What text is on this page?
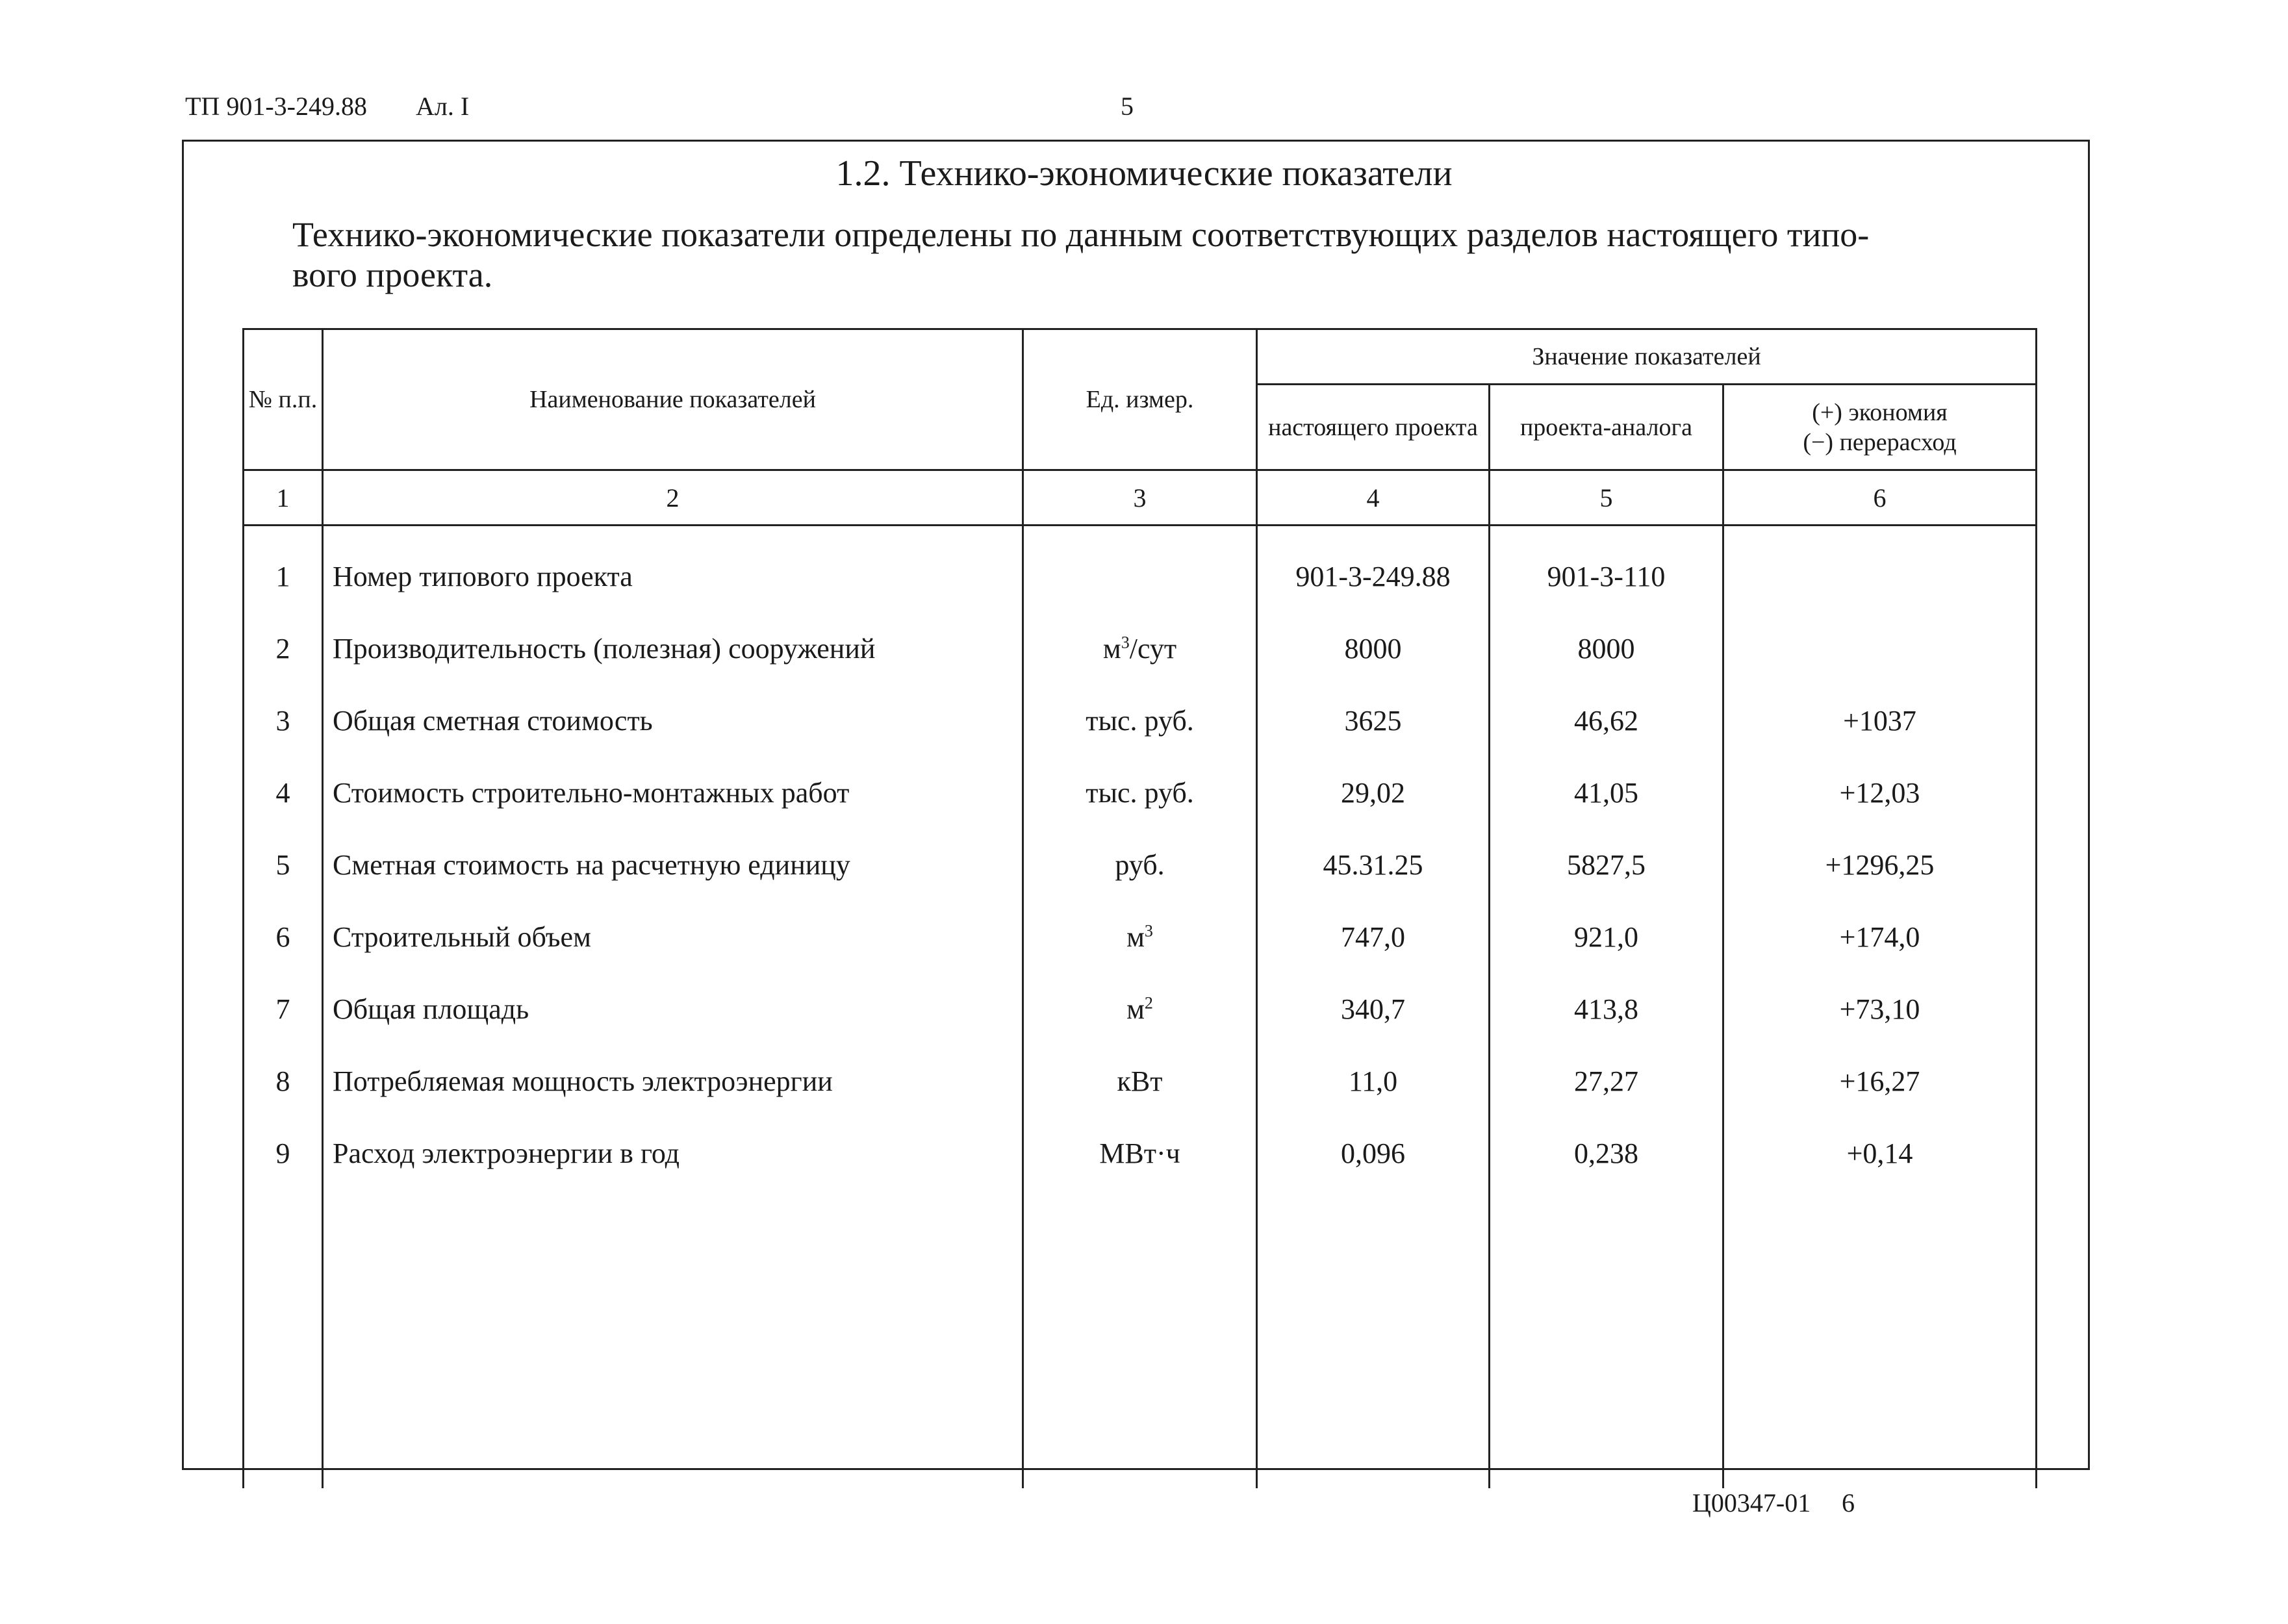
ТП 901-3-249.88 Ал. I	5
1.2. Технико-экономические показатели
Технико-экономические показатели определены по данным соответствующих разделов настоящего типо-
вого проекта.
№ п.п.	Наименование показателей	Ед. измер.	Значение показателей		
			настоящего проекта	проекта-аналога	(+) экономия
(−) перерасход

1	2	3	4	5	6
1	Номер типового проекта		901-3-249.88	901-3-110	
2	Производительность (полезная) сооружений	$м^3$/сут	8000	8000	
3	Общая сметная стоимость	тыс. руб.	3625	46,62	+1037
4	Стоимость строительно-монтажных работ	тыс. руб.	29,02	41,05	+12,03
5	Сметная стоимость на расчетную единицу	руб.	45.31.25	5827,5	+1296,25
6	Строительный объем	$м^3$	747,0	921,0	+174,0
7	Общая площадь	$м^2$	340,7	413,8	+73,10
8	Потребляемая мощность электроэнергии	кВт	11,0	27,27	+16,27
9	Расход электроэнергии в год	МВт·ч	0,096	0,238	+0,14

Ц00347-01 6
